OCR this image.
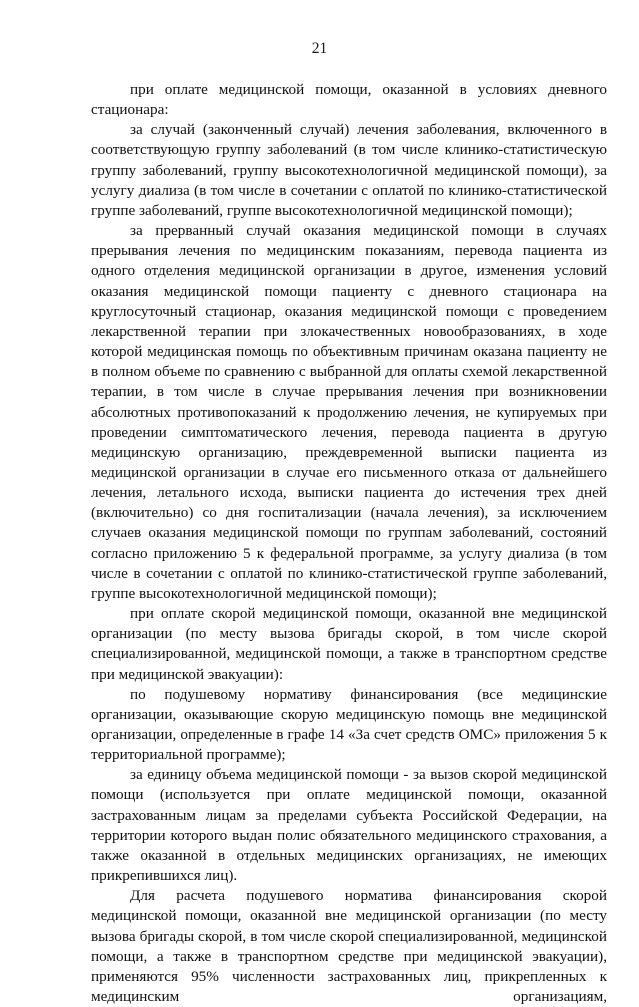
21

при оплате медицинской помощи, оказанной в условиях дневного стационара:

за случай (законченный случай) лечения заболевания, включенного в соответствующую группу заболеваний (в том числе клинико-статистическую группу заболеваний, группу высокотехнологичной медицинской помощи), за услугу диализа (в том числе в сочетании с оплатой по клинико-статистической группе заболеваний, группе высокотехнологичной медицинской помощи);

за прерванный случай оказания медицинской помощи в случаях прерывания лечения по медицинским показаниям, перевода пациента из одного отделения медицинской организации в другое, изменения условий оказания медицинской помощи пациенту с дневного стационара на круглосуточный стационар, оказания медицинской помощи с проведением лекарственной терапии при злокачественных новообразованиях, в ходе которой медицинская помощь по объективным причинам оказана пациенту не в полном объеме по сравнению с выбранной для оплаты схемой лекарственной терапии, в том числе в случае прерывания лечения при возникновении абсолютных противопоказаний к продолжению лечения, не купируемых при проведении симптоматического лечения, перевода пациента в другую медицинскую организацию, преждевременной выписки пациента из медицинской организации в случае его письменного отказа от дальнейшего лечения, летального исхода, выписки пациента до истечения трех дней (включительно) со дня госпитализации (начала лечения), за исключением случаев оказания медицинской помощи по группам заболеваний, состояний согласно приложению 5 к федеральной программе, за услугу диализа (в том числе в сочетании с оплатой по клинико-статистической группе заболеваний, группе высокотехнологичной медицинской помощи);

при оплате скорой медицинской помощи, оказанной вне медицинской организации (по месту вызова бригады скорой, в том числе скорой специализированной, медицинской помощи, а также в транспортном средстве при медицинской эвакуации):

по подушевому нормативу финансирования (все медицинские организации, оказывающие скорую медицинскую помощь вне медицинской организации, определенные в графе 14 «За счет средств ОМС» приложения 5 к территориальной программе);

за единицу объема медицинской помощи - за вызов скорой медицинской помощи (используется при оплате медицинской помощи, оказанной застрахованным лицам за пределами субъекта Российской Федерации, на территории которого выдан полис обязательного медицинского страхования, а также оказанной в отдельных медицинских организациях, не имеющих прикрепившихся лиц).

Для расчета подушевого норматива финансирования скорой медицинской помощи, оказанной вне медицинской организации (по месту вызова бригады скорой, в том числе скорой специализированной, медицинской помощи, а также в транспортном средстве при медицинской эвакуации), применяются 95% численности застрахованных лиц, прикрепленных к медицинским организациям,
